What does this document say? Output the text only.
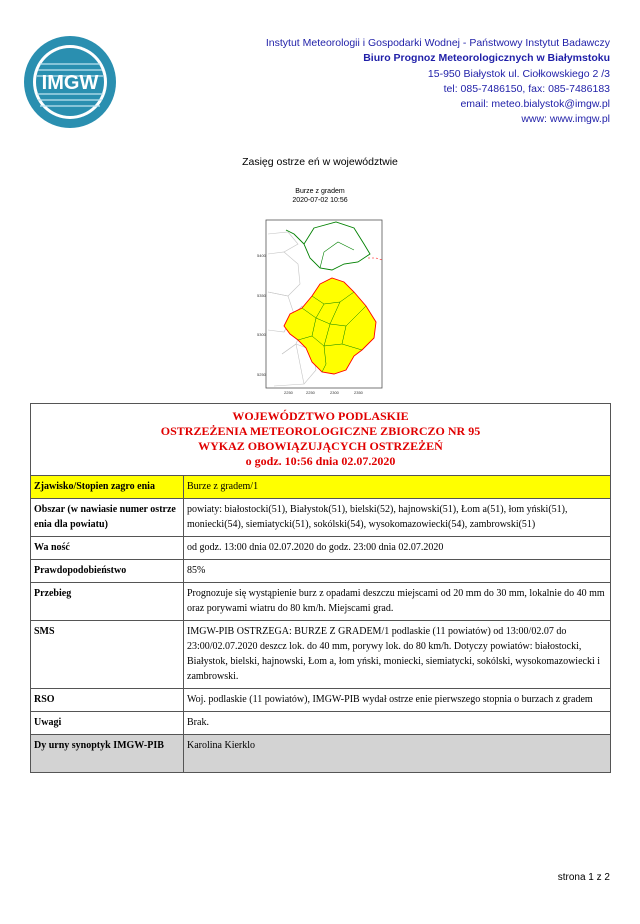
IMGW
Instytut Meteorologii i Gospodarki Wodnej - Państwowy Instytut Badawczy
Biuro Prognoz Meteorologicznych w Białymstoku
15-950 Białystok ul. Ciołkowskiego 2 /3
tel: 085-7486150, fax: 085-7486183
email: meteo.bialystok@imgw.pl
www: www.imgw.pl
Zasięg ostrze eń w województwie
Burze z gradem
2020-07-02 10:56
5400
5350
5300
5250
2250	2250	2300	2350
WOJEWÓDZTWO PODLASKIE
OSTRZEŻENIA METEOROLOGICZNE ZBIORCZO NR 95
WYKAZ OBOWIĄZUJĄCYCH OSTRZEŻEŃ
o godz. 10:56 dnia 02.07.2020	

Zjawisko/Stopien zagro enia	Burze z gradem/1
Obszar (w nawiasie numer ostrze enia dla powiatu)	powiaty: białostocki(51), Białystok(51), bielski(52), hajnowski(51), Łom a(51), łom yński(51), moniecki(54), siemiatycki(51), sokólski(54), wysokomazowiecki(54), zambrowski(51)
Wa ność	od godz. 13:00 dnia 02.07.2020 do godz. 23:00 dnia 02.07.2020
Prawdopodobieństwo	85%
Przebieg	Prognozuje się wystąpienie burz z opadami deszczu miejscami od 20 mm do 30 mm, lokalnie do 40 mm oraz porywami wiatru do 80 km/h. Miejscami grad.
SMS	IMGW-PIB OSTRZEGA: BURZE Z GRADEM/1 podlaskie (11 powiatów) od 13:00/02.07 do 23:00/02.07.2020 deszcz lok. do 40 mm, porywy lok. do 80 km/h. Dotyczy powiatów: białostocki, Białystok, bielski, hajnowski, Łom a, łom yński, moniecki, siemiatycki, sokólski, wysokomazowiecki i zambrowski.
RSO	Woj. podlaskie (11 powiatów), IMGW-PIB wydał ostrze enie pierwszego stopnia o burzach z gradem
Uwagi	Brak.
Dy urny synoptyk IMGW-PIB	Karolina Kierklo
strona 1 z 2
